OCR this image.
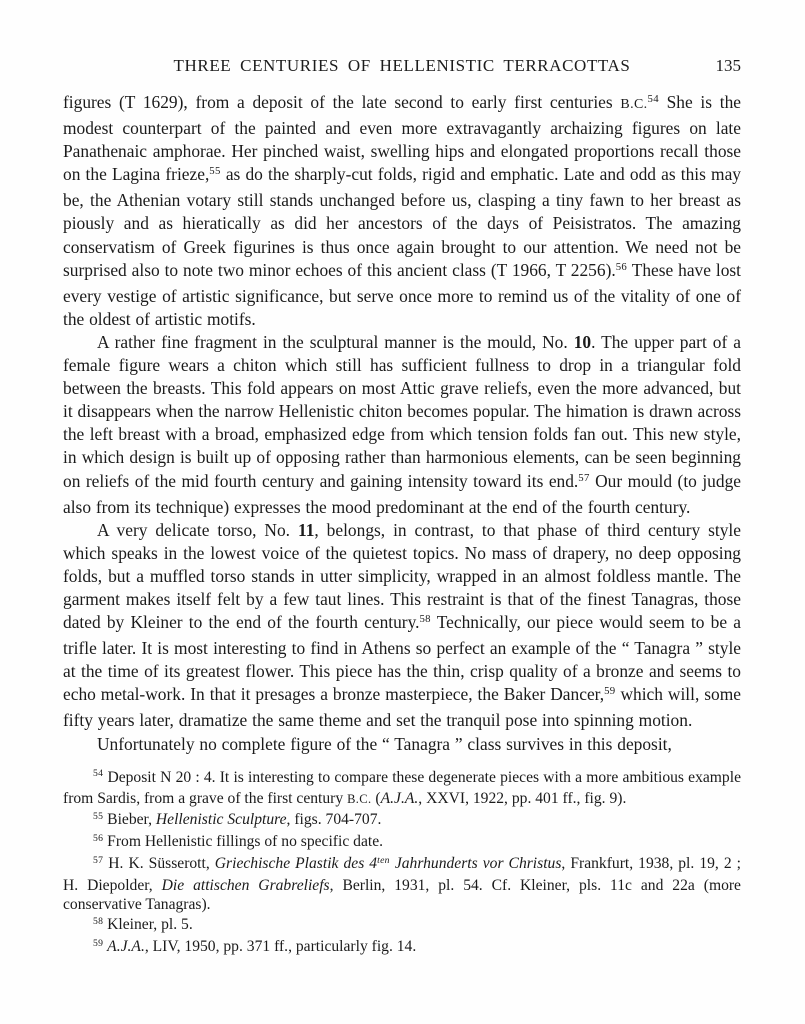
THREE CENTURIES OF HELLENISTIC TERRACOTTAS	135

figures (T 1629), from a deposit of the late second to early first centuries B.C.$^{54}$ She is the modest counterpart of the painted and even more extravagantly archaizing figures on late Panathenaic amphorae. Her pinched waist, swelling hips and elongated proportions recall those on the Lagina frieze,$^{55}$ as do the sharply-cut folds, rigid and emphatic. Late and odd as this may be, the Athenian votary still stands unchanged before us, clasping a tiny fawn to her breast as piously and as hieratically as did her ancestors of the days of Peisistratos. The amazing conservatism of Greek figurines is thus once again brought to our attention. We need not be surprised also to note two minor echoes of this ancient class (T 1966, T 2256).$^{56}$ These have lost every vestige of artistic significance, but serve once more to remind us of the vitality of one of the oldest of artistic motifs.

A rather fine fragment in the sculptural manner is the mould, No. 10. The upper part of a female figure wears a chiton which still has sufficient fullness to drop in a triangular fold between the breasts. This fold appears on most Attic grave reliefs, even the more advanced, but it disappears when the narrow Hellenistic chiton becomes popular. The himation is drawn across the left breast with a broad, emphasized edge from which tension folds fan out. This new style, in which design is built up of opposing rather than harmonious elements, can be seen beginning on reliefs of the mid fourth century and gaining intensity toward its end.$^{57}$ Our mould (to judge also from its technique) expresses the mood predominant at the end of the fourth century.

A very delicate torso, No. 11, belongs, in contrast, to that phase of third century style which speaks in the lowest voice of the quietest topics. No mass of drapery, no deep opposing folds, but a muffled torso stands in utter simplicity, wrapped in an almost foldless mantle. The garment makes itself felt by a few taut lines. This restraint is that of the finest Tanagras, those dated by Kleiner to the end of the fourth century.$^{58}$ Technically, our piece would seem to be a trifle later. It is most interesting to find in Athens so perfect an example of the “ Tanagra ” style at the time of its greatest flower. This piece has the thin, crisp quality of a bronze and seems to echo metal-work. In that it presages a bronze masterpiece, the Baker Dancer,$^{59}$ which will, some fifty years later, dramatize the same theme and set the tranquil pose into spinning motion.

Unfortunately no complete figure of the “ Tanagra ” class survives in this deposit,

$^{54}$ Deposit N 20 : 4. It is interesting to compare these degenerate pieces with a more ambitious example from Sardis, from a grave of the first century B.C. (A.J.A., XXVI, 1922, pp. 401 ff., fig. 9).

$^{55}$ Bieber, Hellenistic Sculpture, figs. 704-707.

$^{56}$ From Hellenistic fillings of no specific date.

$^{57}$ H. K. Süsserott, Griechische Plastik des $4^{ten}$ Jahrhunderts vor Christus, Frankfurt, 1938, pl. 19, 2 ; H. Diepolder, Die attischen Grabreliefs, Berlin, 1931, pl. 54. Cf. Kleiner, pls. 11c and 22a (more conservative Tanagras).

$^{58}$ Kleiner, pl. 5.

$^{59}$ A.J.A., LIV, 1950, pp. 371 ff., particularly fig. 14.
